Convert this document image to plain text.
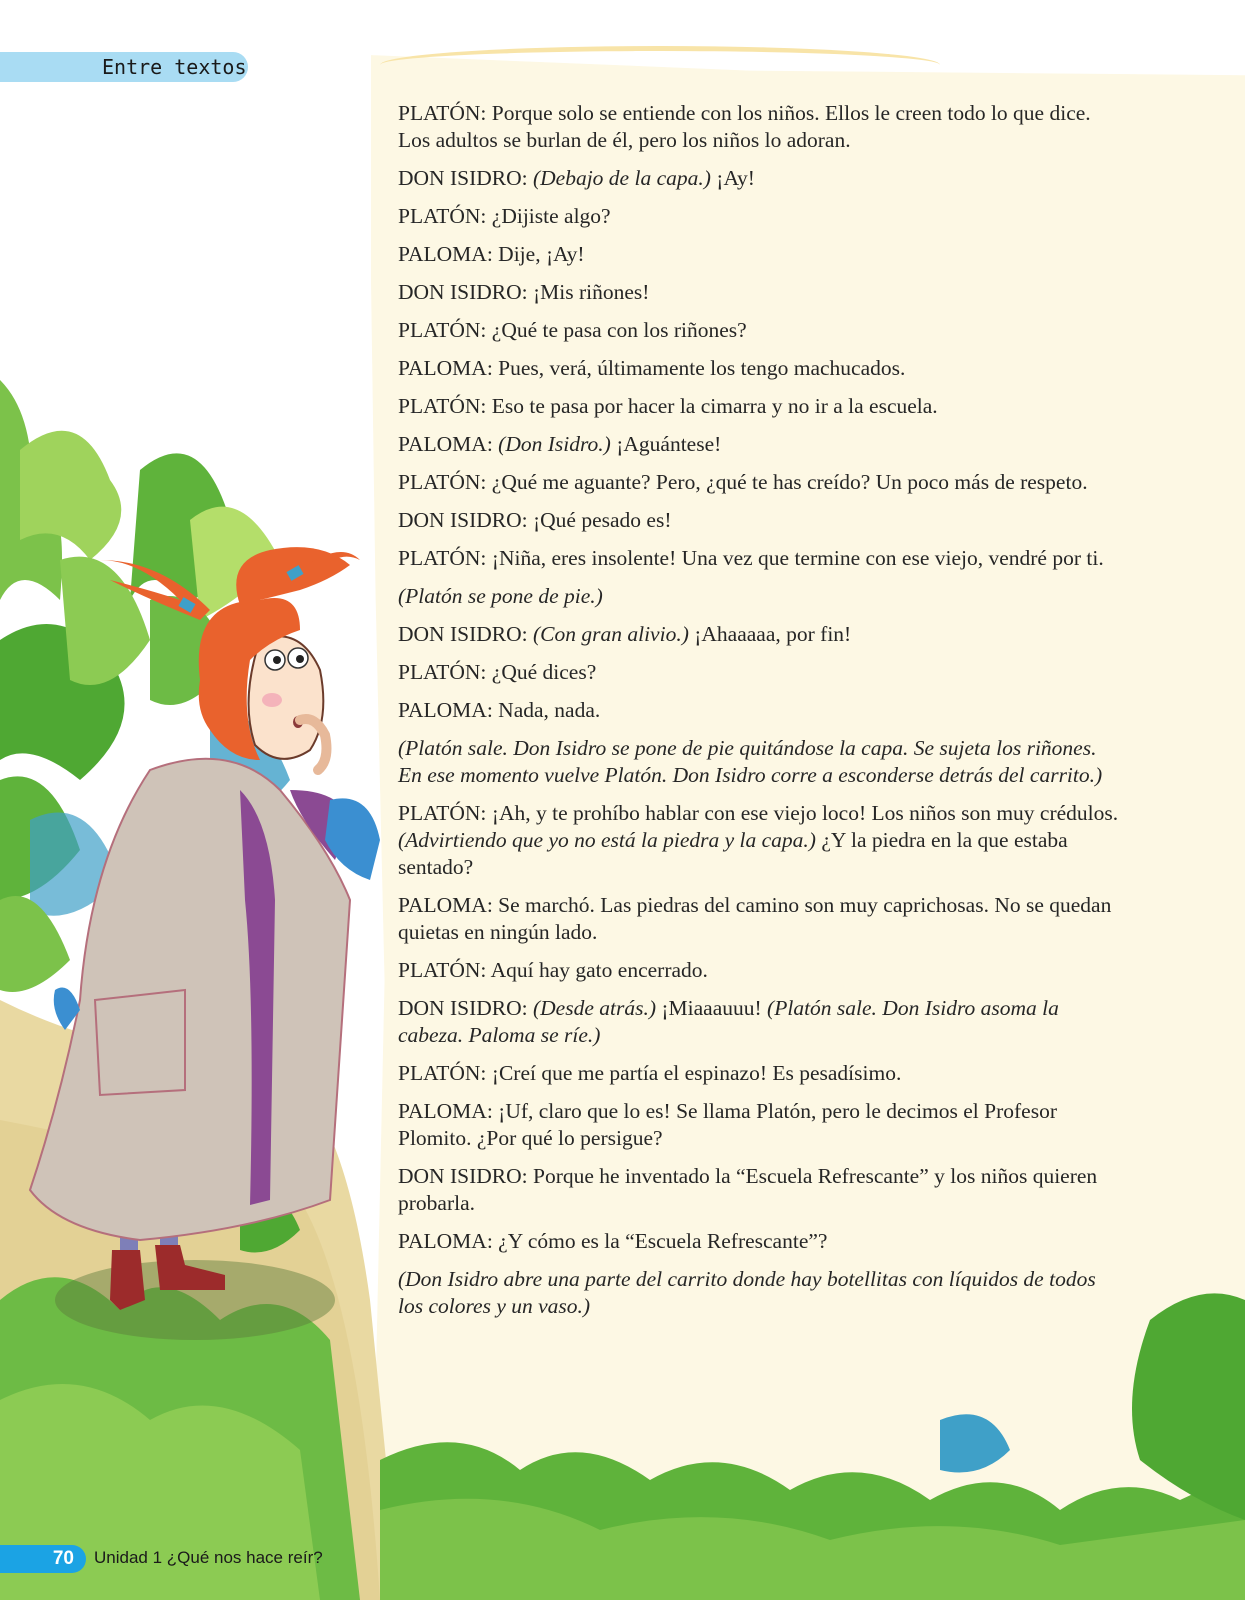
Entre textos

PLATÓN: Porque solo se entiende con los niños. Ellos le creen todo lo que dice. Los adultos se burlan de él, pero los niños lo adoran.

DON ISIDRO: (Debajo de la capa.) ¡Ay!

PLATÓN: ¿Dijiste algo?

PALOMA: Dije, ¡Ay!

DON ISIDRO: ¡Mis riñones!

PLATÓN: ¿Qué te pasa con los riñones?

PALOMA: Pues, verá, últimamente los tengo machucados.

PLATÓN: Eso te pasa por hacer la cimarra y no ir a la escuela.

PALOMA: (Don Isidro.) ¡Aguántese!

PLATÓN: ¿Qué me aguante? Pero, ¿qué te has creído? Un poco más de respeto.

DON ISIDRO: ¡Qué pesado es!

PLATÓN: ¡Niña, eres insolente! Una vez que termine con ese viejo, vendré por ti.

(Platón se pone de pie.)

DON ISIDRO: (Con gran alivio.) ¡Ahaaaaa, por fin!

PLATÓN: ¿Qué dices?

PALOMA: Nada, nada.

(Platón sale. Don Isidro se pone de pie quitándose la capa. Se sujeta los riñones. En ese momento vuelve Platón. Don Isidro corre a esconderse detrás del carrito.)

PLATÓN: ¡Ah, y te prohíbo hablar con ese viejo loco! Los niños son muy crédulos. (Advirtiendo que yo no está la piedra y la capa.) ¿Y la piedra en la que estaba sentado?

PALOMA: Se marchó. Las piedras del camino son muy caprichosas. No se quedan quietas en ningún lado.

PLATÓN: Aquí hay gato encerrado.

DON ISIDRO: (Desde atrás.) ¡Miaaauuu! (Platón sale. Don Isidro asoma la cabeza. Paloma se ríe.)

PLATÓN: ¡Creí que me partía el espinazo! Es pesadísimo.

PALOMA: ¡Uf, claro que lo es! Se llama Platón, pero le decimos el Profesor Plomito. ¿Por qué lo persigue?

DON ISIDRO: Porque he inventado la “Escuela Refrescante” y los niños quieren probarla.

PALOMA: ¿Y cómo es la “Escuela Refrescante”?

(Don Isidro abre una parte del carrito donde hay botellitas con líquidos de todos los colores y un vaso.)

70	Unidad 1 ¿Qué nos hace reír?
